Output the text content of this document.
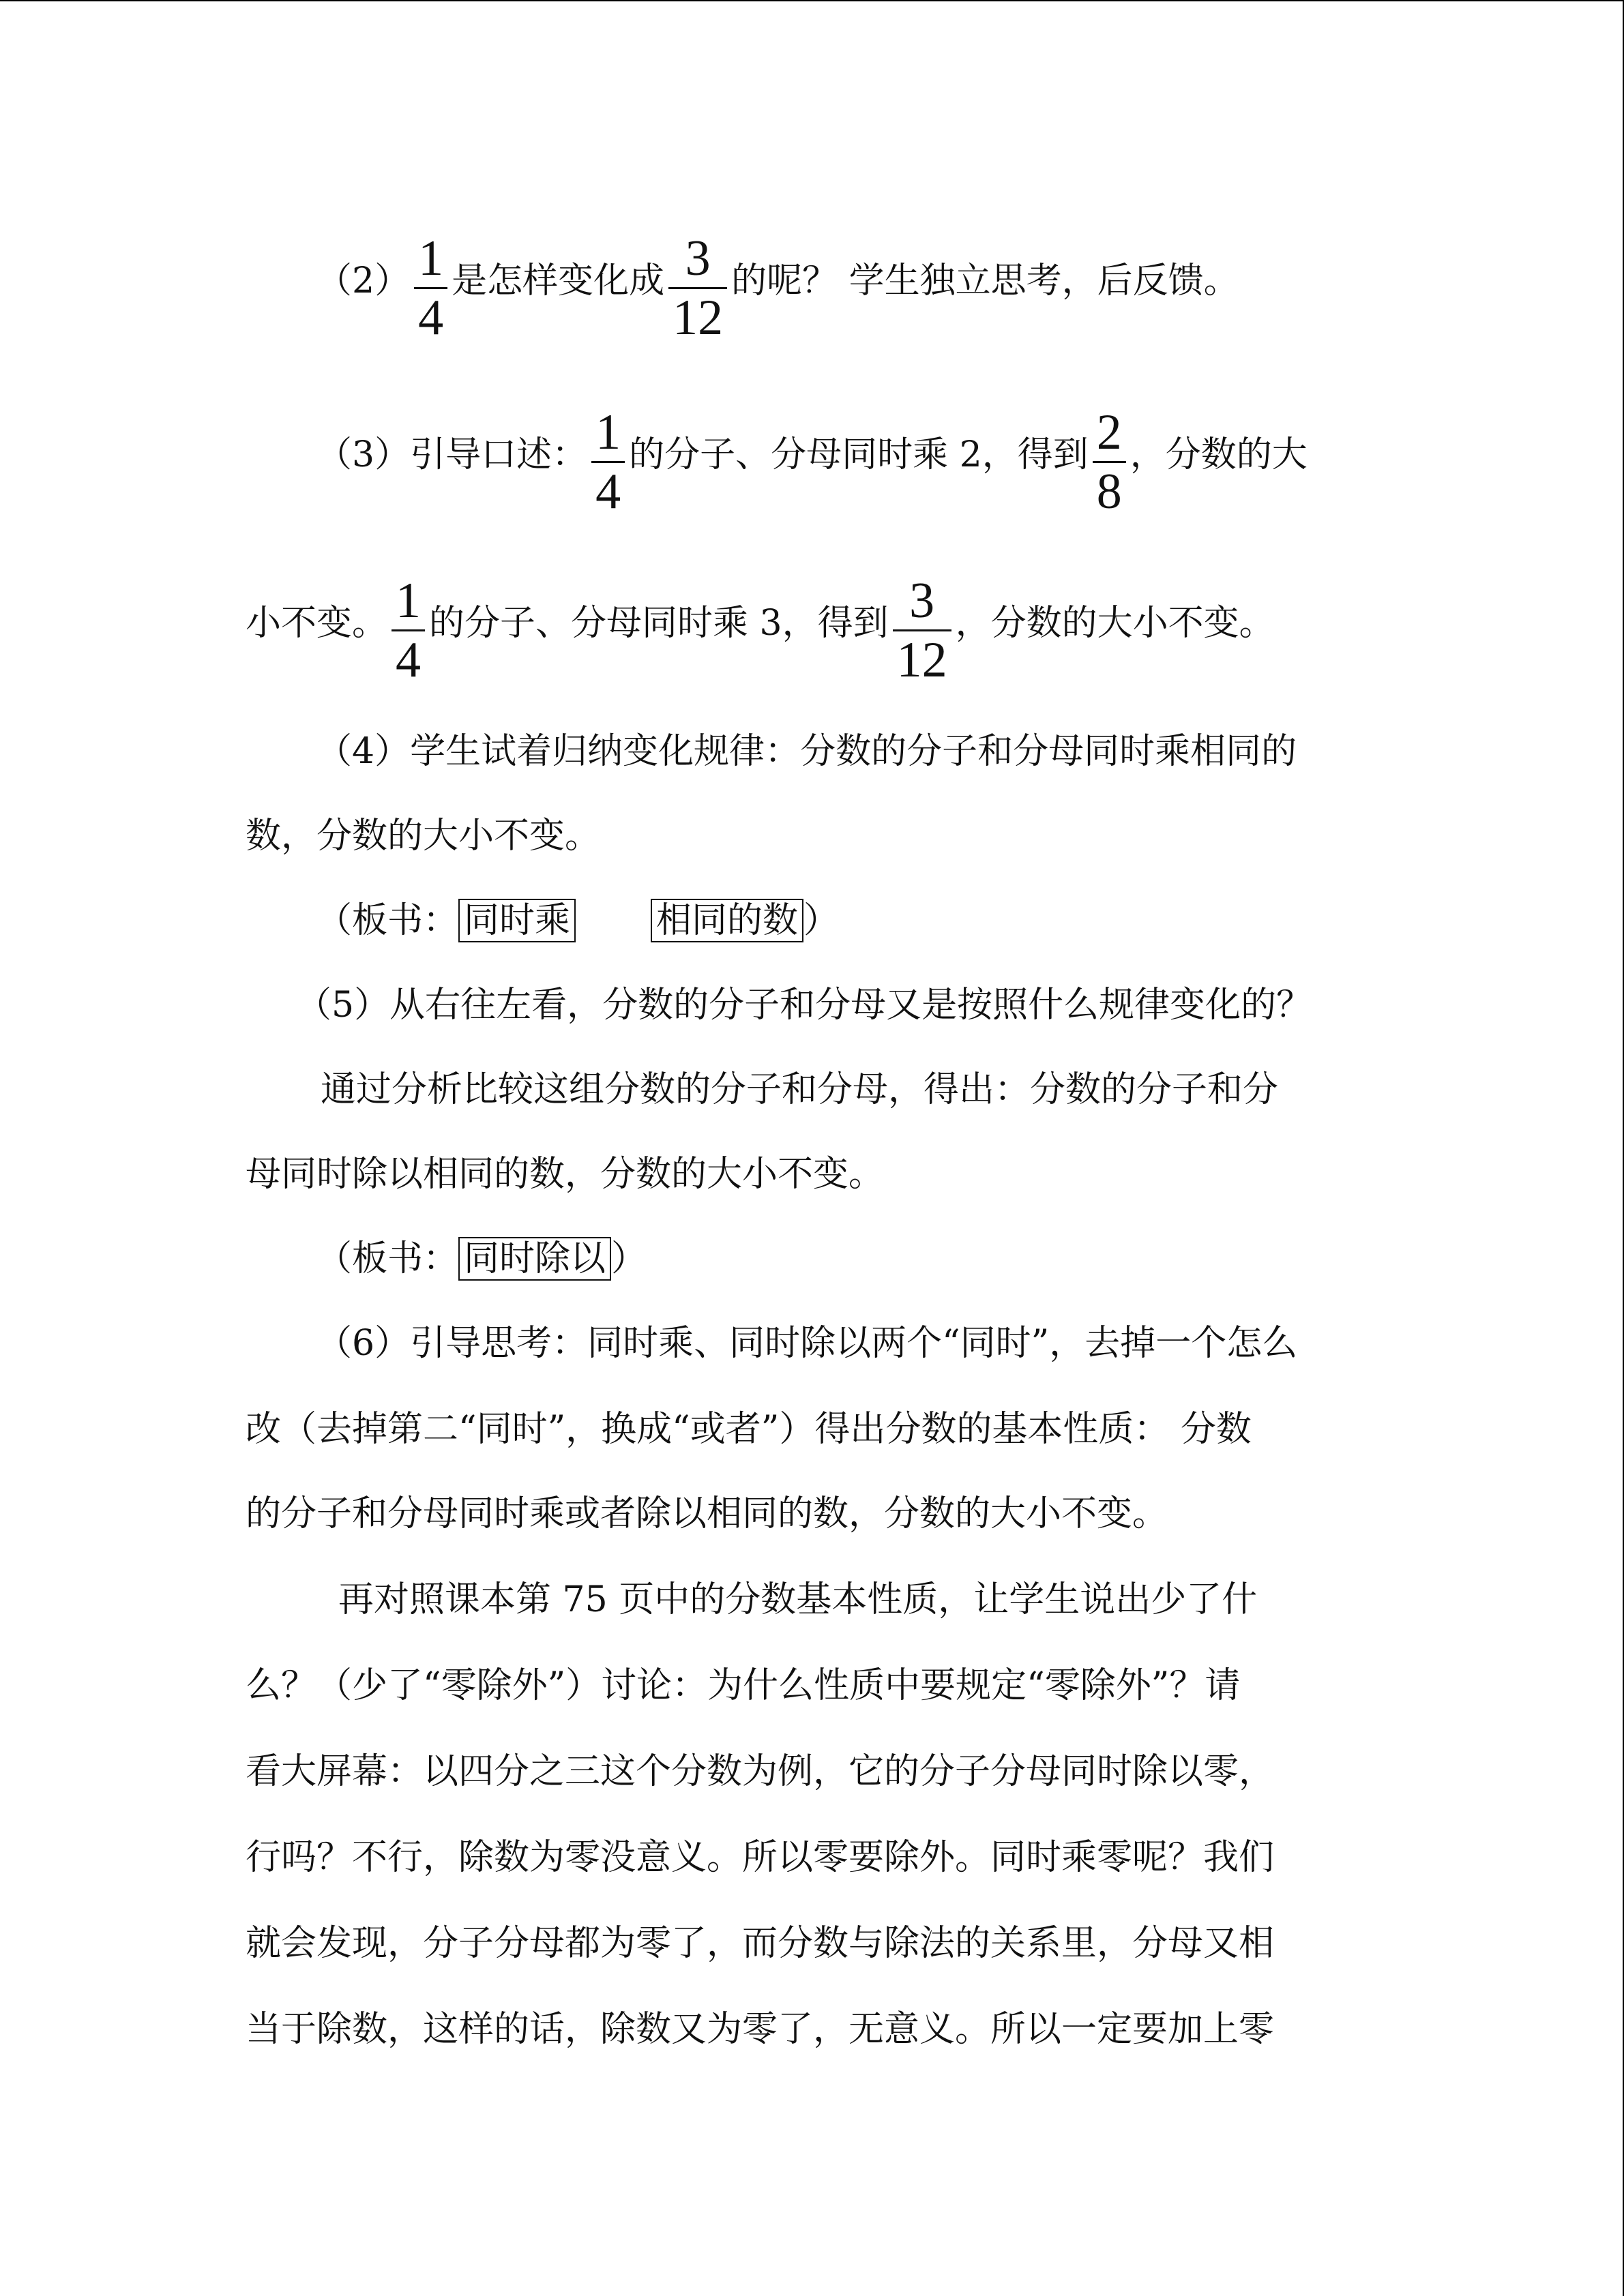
$(2) \frac{1}{4}$ 是怎样变化成 $\frac{3}{12}$ 的呢？ 学生独立思考，后反馈。
（3）引导口述： $\frac{1}{4}$ 的分子、分母同时乘 2，得到 $\frac{2}{8}$ ，分数的大
小不变。 $\frac{1}{4}$ 的分子、分母同时乘 3，得到 $\frac{3}{12}$ ，分数的大小不变。
（4）学生试着归纳变化规律：分数的分子和分母同时乘相同的
数，分数的大小不变。
（板书： 同时乘 相同的数 ）
（5）从右往左看，分数的分子和分母又是按照什么规律变化的？
通过分析比较这组分数的分子和分母，得出：分数的分子和分
母同时除以相同的数，分数的大小不变。
（板书： 同时除以 ）
（6）引导思考：同时乘、同时除以两个“同时”，去掉一个怎么
改（去掉第二“同时”，换成“或者”）得出分数的基本性质： 分数
的分子和分母同时乘或者除以相同的数，分数的大小不变。
再对照课本第 75 页中的分数基本性质，让学生说出少了什
么？（少了“零除外”）讨论：为什么性质中要规定“零除外”？请
看大屏幕：以四分之三这个分数为例，它的分子分母同时除以零，
行吗？不行，除数为零没意义。所以零要除外。同时乘零呢？我们
就会发现，分子分母都为零了，而分数与除法的关系里，分母又相
当于除数，这样的话，除数又为零了，无意义。所以一定要加上零
